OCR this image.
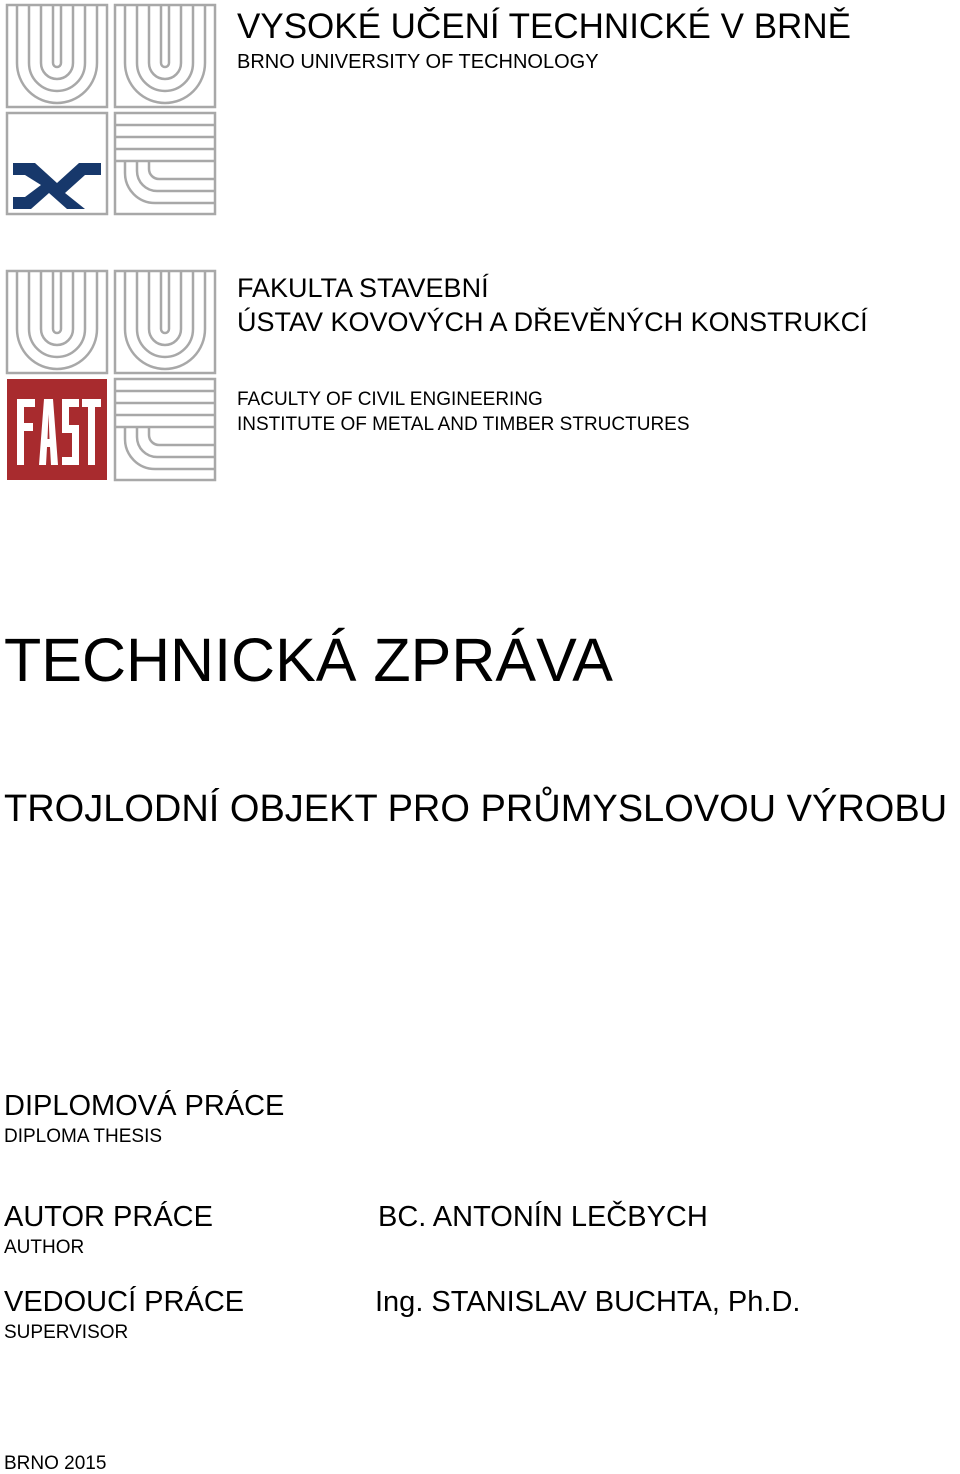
VYSOKÉ UČENÍ TECHNICKÉ V BRNĚ
BRNO UNIVERSITY OF TECHNOLOGY
FAKULTA STAVEBNÍ
ÚSTAV KOVOVÝCH A DŘEVĚNÝCH KONSTRUKCÍ
FACULTY OF CIVIL ENGINEERING
INSTITUTE OF METAL AND TIMBER STRUCTURES
TECHNICKÁ ZPRÁVA
TROJLODNÍ OBJEKT PRO PRŮMYSLOVOU VÝROBU
DIPLOMOVÁ PRÁCE
DIPLOMA THESIS
AUTOR PRÁCE
AUTHOR
BC. ANTONÍN LEČBYCH
VEDOUCÍ PRÁCE
SUPERVISOR
Ing. STANISLAV BUCHTA, Ph.D.
BRNO 2015
